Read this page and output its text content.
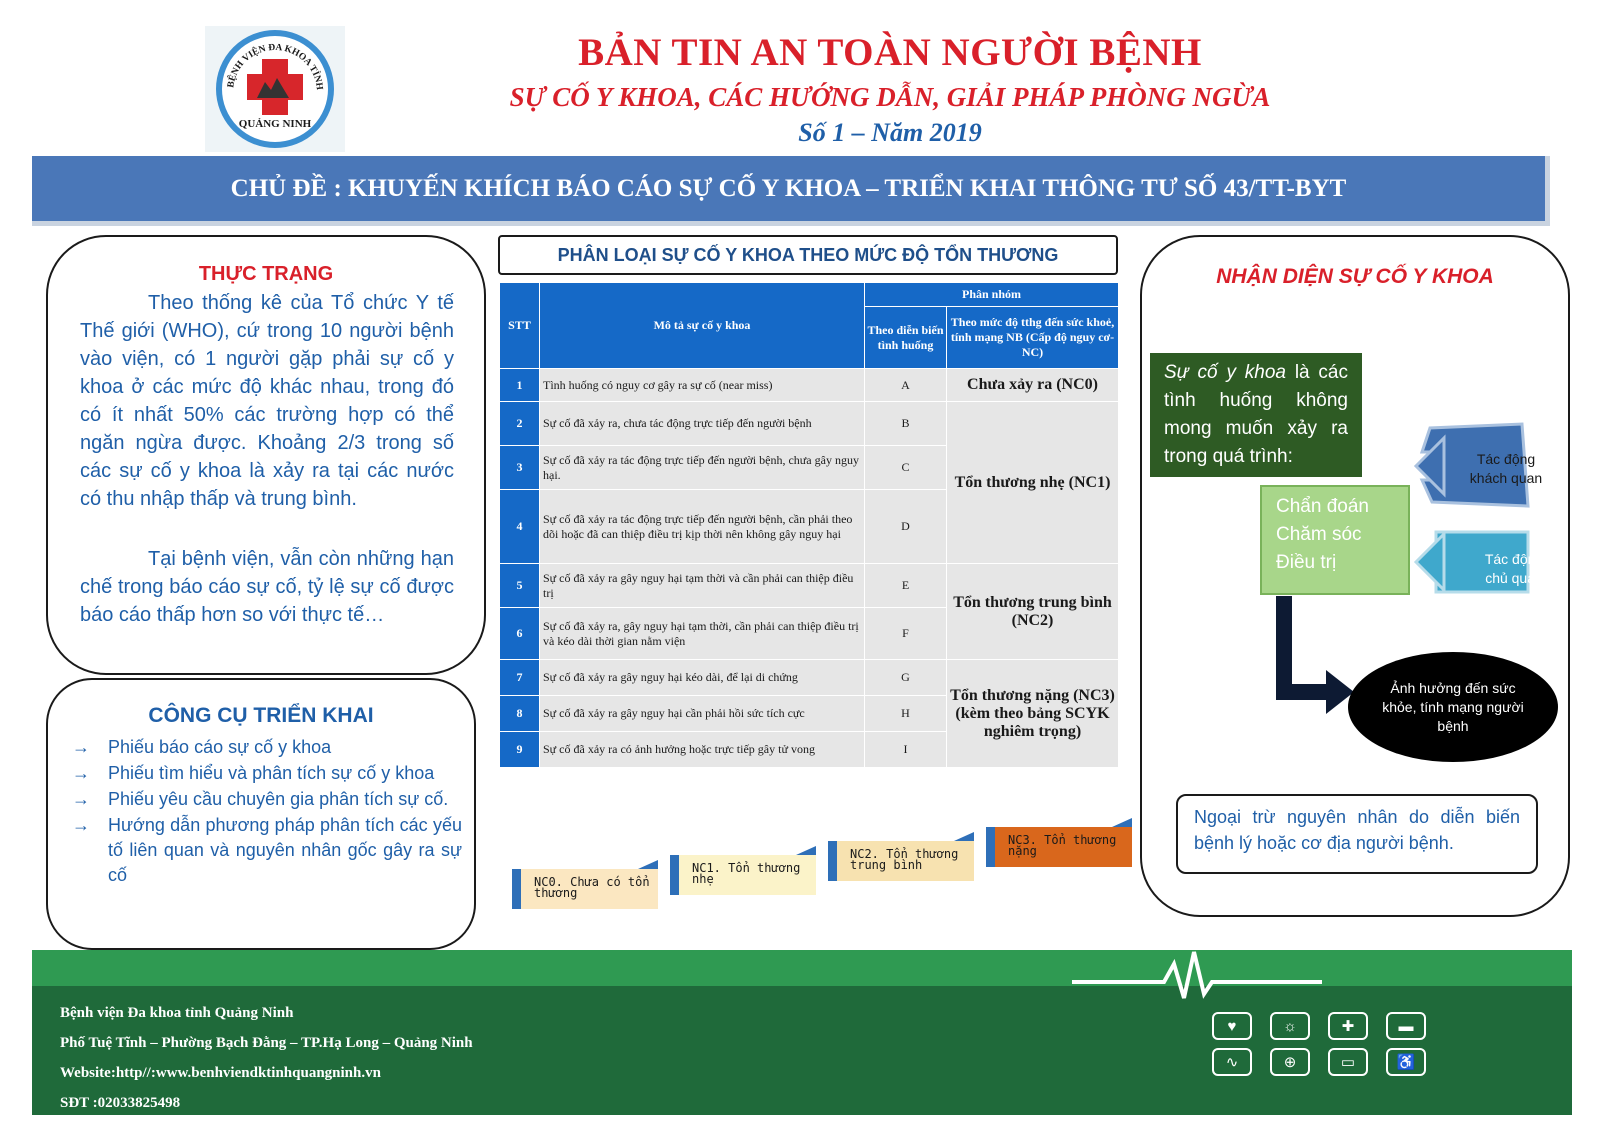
BỆNH VIỆN ĐA KHOA TỈNH
QUẢNG NINH
BẢN TIN AN TOÀN NGƯỜI BỆNH
SỰ CỐ Y KHOA, CÁC HƯỚNG DẪN, GIẢI PHÁP PHÒNG NGỪA
Số 1 – Năm 2019
CHỦ ĐỀ : KHUYẾN KHÍCH BÁO CÁO SỰ CỐ Y KHOA – TRIỂN KHAI THÔNG TƯ SỐ 43/TT-BYT
THỰC TRẠNG

Theo thống kê của Tổ chức Y tế Thế giới (WHO), cứ trong 10 người bệnh vào viện, có 1 người gặp phải sự cố y khoa ở các mức độ khác nhau, trong đó có ít nhất 50% các trường hợp có thể ngăn ngừa được. Khoảng 2/3 trong số các sự cố y khoa là xảy ra tại các nước có thu nhập thấp và trung bình.

Tại bệnh viện, vẫn còn những hạn chế trong báo cáo sự cố, tỷ lệ sự cố được báo cáo thấp hơn so với thực tế…

CÔNG CỤ TRIỂN KHAI
→	Phiếu báo cáo sự cố y khoa
→	Phiếu tìm hiểu và phân tích sự cố y khoa
→	Phiếu yêu cầu chuyên gia phân tích sự cố.
→	Hướng dẫn phương pháp phân tích các yếu tố liên quan và nguyên nhân gốc gây ra sự cố
PHÂN LOẠI SỰ CỐ Y KHOA THEO MỨC ĐỘ TỔN THƯƠNG
STT	Mô tả sự cố y khoa	Phân nhóm	
		Theo diễn biến tình huống	Theo mức độ tthg đến sức khoẻ, tính mạng NB (Cấp độ nguy cơ-NC)
1	Tình huống có nguy cơ gây ra sự cố (near miss)	A	Chưa xảy ra (NC0)
2	Sự cố đã xảy ra, chưa tác động trực tiếp đến người bệnh	B	Tổn thương nhẹ (NC1)
3	Sự cố đã xảy ra tác động trực tiếp đến người bệnh, chưa gây nguy hại.	C	
4	Sự cố đã xảy ra tác động trực tiếp đến người bệnh, cần phải theo dõi hoặc đã can thiệp điều trị kịp thời nên không gây nguy hại	D	
5	Sự cố đã xảy ra gây nguy hại tạm thời và cần phải can thiệp điều trị	E	Tổn thương trung bình (NC2)
6	Sự cố đã xảy ra, gây nguy hại tạm thời, cần phải can thiệp điều trị và kéo dài thời gian nằm viện	F	
7	Sự cố đã xảy ra gây nguy hại kéo dài, để lại di chứng	G	Tổn thương nặng (NC3) (kèm theo bảng SCYK nghiêm trọng)
8	Sự cố đã xảy ra gây nguy hại cần phải hồi sức tích cực	H	
9	Sự cố đã xảy ra có ảnh hưởng hoặc trực tiếp gây tử vong	I	
NC0. Chưa có tổn thương
NC1. Tổn thương nhẹ
NC2. Tổn thương trung bình
NC3. Tổn thương nặng
NHẬN DIỆN SỰ CỐ Y KHOA
Sự cố y khoa là các tình huống không mong muốn xảy ra trong quá trình:
Chẩn đoán Chăm sóc Điều trị
Tác động khách quan
Tác động chủ quan
Ảnh hưởng đến sức khỏe, tính mạng người bệnh
Ngoại trừ nguyên nhân do diễn biến bệnh lý hoặc cơ địa người bệnh.
Bệnh viện Đa khoa tỉnh Quảng Ninh
Phố Tuệ Tĩnh – Phường Bạch Đằng – TP.Hạ Long – Quảng Ninh
Website:http//:www.benhviendktinhquangninh.vn
SĐT :02033825498
♥	☼	✚	▬
∿	⊕	▭	♿
